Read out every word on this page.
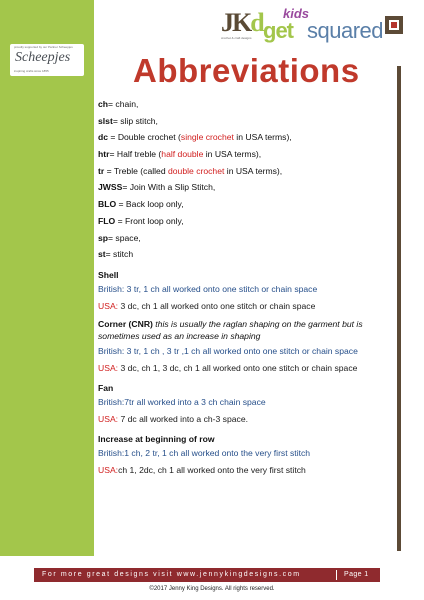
proudly supported by our Partner Scheepjes
Scheepjes
inspiring crafts since 1855
JKd
crochet & craft designs
kids
get squared
Abbreviations

ch= chain,

slst= slip stitch,

dc = Double crochet (single crochet in USA terms),

htr= Half treble (half double in USA terms),

tr = Treble (called double crochet in USA terms),

JWSS= Join With a Slip Stitch,

BLO = Back loop only,

FLO = Front loop only,

sp= space,

st= stitch

Shell

British: 3 tr, 1 ch all worked onto one stitch or chain space

USA: 3 dc, ch 1 all worked onto one stitch or chain space

Corner (CNR) this is usually the raglan shaping on the garment but is sometimes used as an increase in shaping

British: 3 tr, 1 ch , 3 tr ,1 ch all worked onto one stitch or chain space

USA: 3 dc, ch 1, 3 dc, ch 1 all worked onto one stitch or chain space

Fan

British:7tr all worked into a 3 ch chain space

USA: 7 dc all worked into a ch-3 space.

Increase at beginning of row

British:1 ch, 2 tr, 1 ch all worked onto the very first stitch

USA:ch 1, 2dc, ch 1 all worked onto the very first stitch

For more great designs visit www.jennykingdesigns.com	Page 1
©2017 Jenny King Designs. All rights reserved.
